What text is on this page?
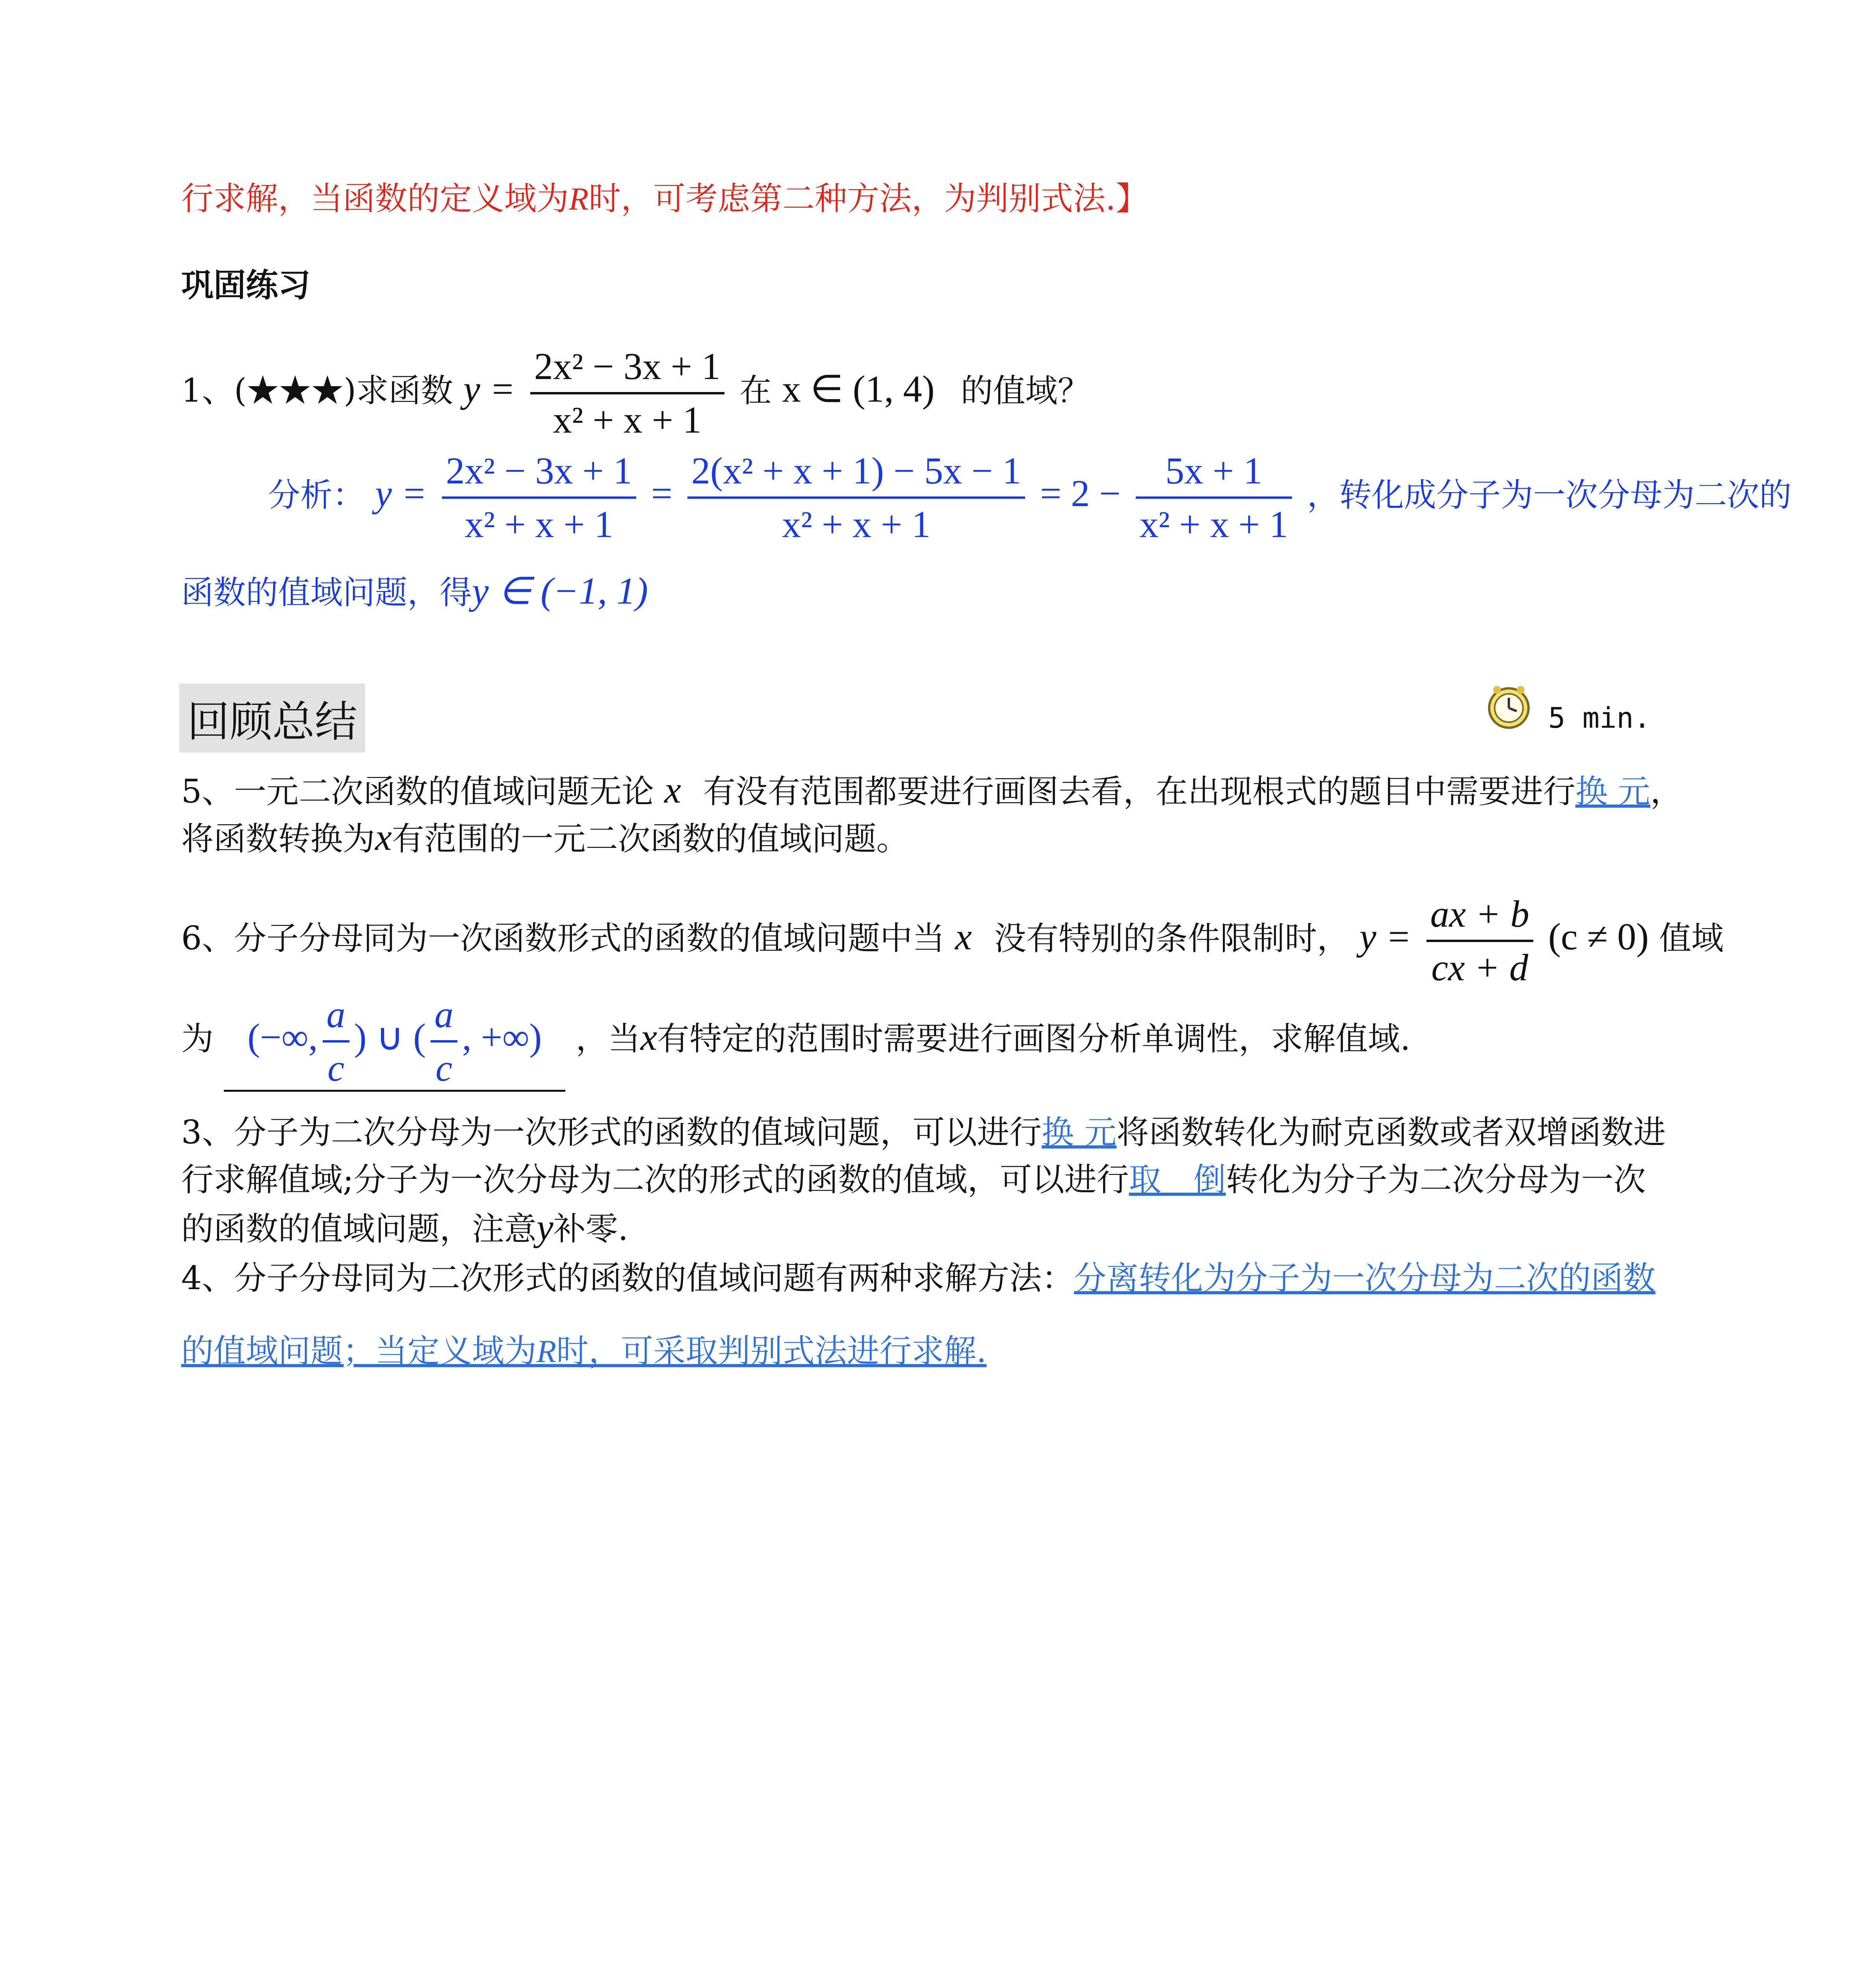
行求解，当函数的定义域为R时，可考虑第二种方法，为判别式法.】
巩固练习
1、(★★★)求函数 $y = \frac{\text{2x² − 3x + 1}}{\text{x² + x + 1}}$ 在 x ∈ (1, 4) 的值域？
分析： $y = \frac{\text{2x² − 3x + 1}}{\text{x² + x + 1}} = \frac{\text{2(x² + x + 1) − 5x − 1}}{\text{x² + x + 1}} = 2 - \frac{5x + 1}{\text{x² + x + 1}}$ ，转化成分子为一次分母为二次的
函数的值域问题，得y ∈ (−1, 1)
回顾总结	5 min.
5、一元二次函数的值域问题无论 x 有没有范围都要进行画图去看，在出现根式的题目中需要进行换 元，
将函数转换为x有范围的一元二次函数的值域问题。
6、分子分母同为一次函数形式的函数的值域问题中当 x 没有特别的条件限制时， $y = \frac{ax + b}{cx + d} (c \ne 0)$ 值域
为 (−∞, $\frac{a}{c}$ ) ∪ ( $\frac{a}{c}$ , +∞) ，当x有特定的范围时需要进行画图分析单调性，求解值域.
3、分子为二次分母为一次形式的函数的值域问题，可以进行换 元将函数转化为耐克函数或者双增函数进
行求解值域;分子为一次分母为二次的形式的函数的值域，可以进行取　倒转化为分子为二次分母为一次
的函数的值域问题，注意y补零.
4、分子分母同为二次形式的函数的值域问题有两种求解方法：分离转化为分子为一次分母为二次的函数
的值域问题；当定义域为R时，可采取判别式法进行求解.
